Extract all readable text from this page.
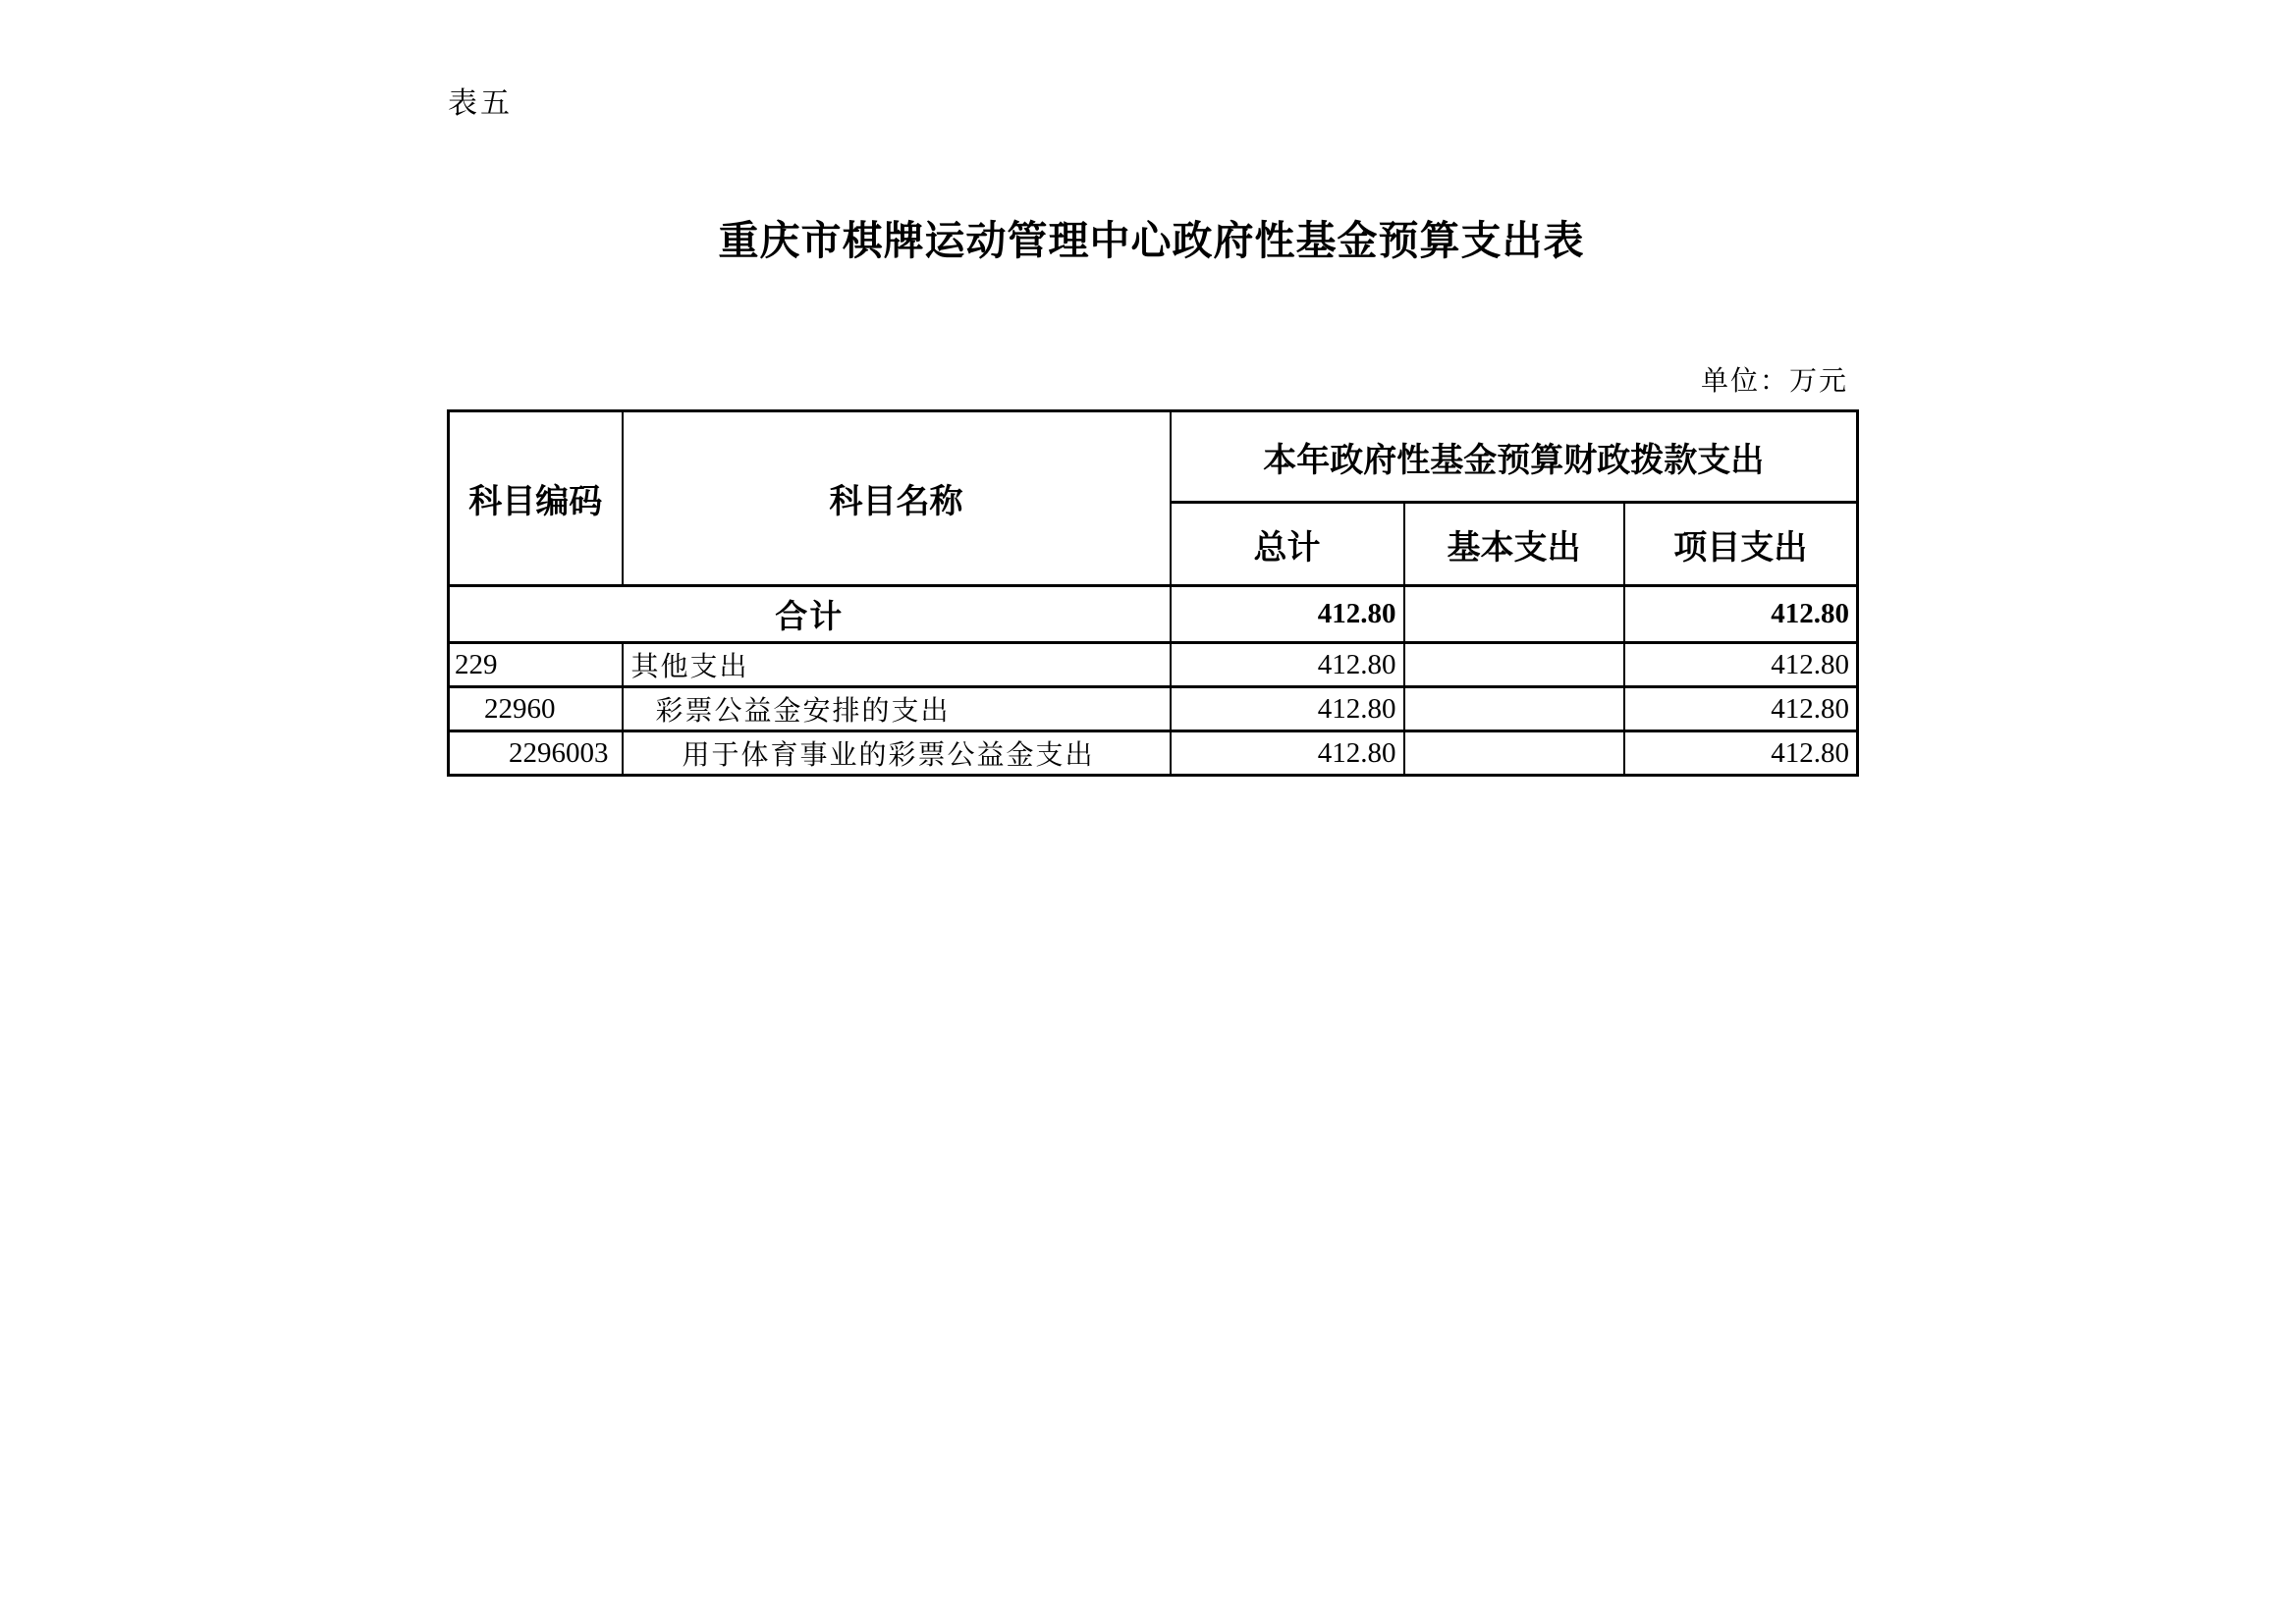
表五
重庆市棋牌运动管理中心政府性基金预算支出表
单位：万元
科目编码	科目名称	本年政府性基金预算财政拨款支出		
		总计	基本支出	项目支出
合计		412.80		412.80
229	其他支出	412.80		412.80
22960	彩票公益金安排的支出	412.80		412.80
2296003	用于体育事业的彩票公益金支出	412.80		412.80
